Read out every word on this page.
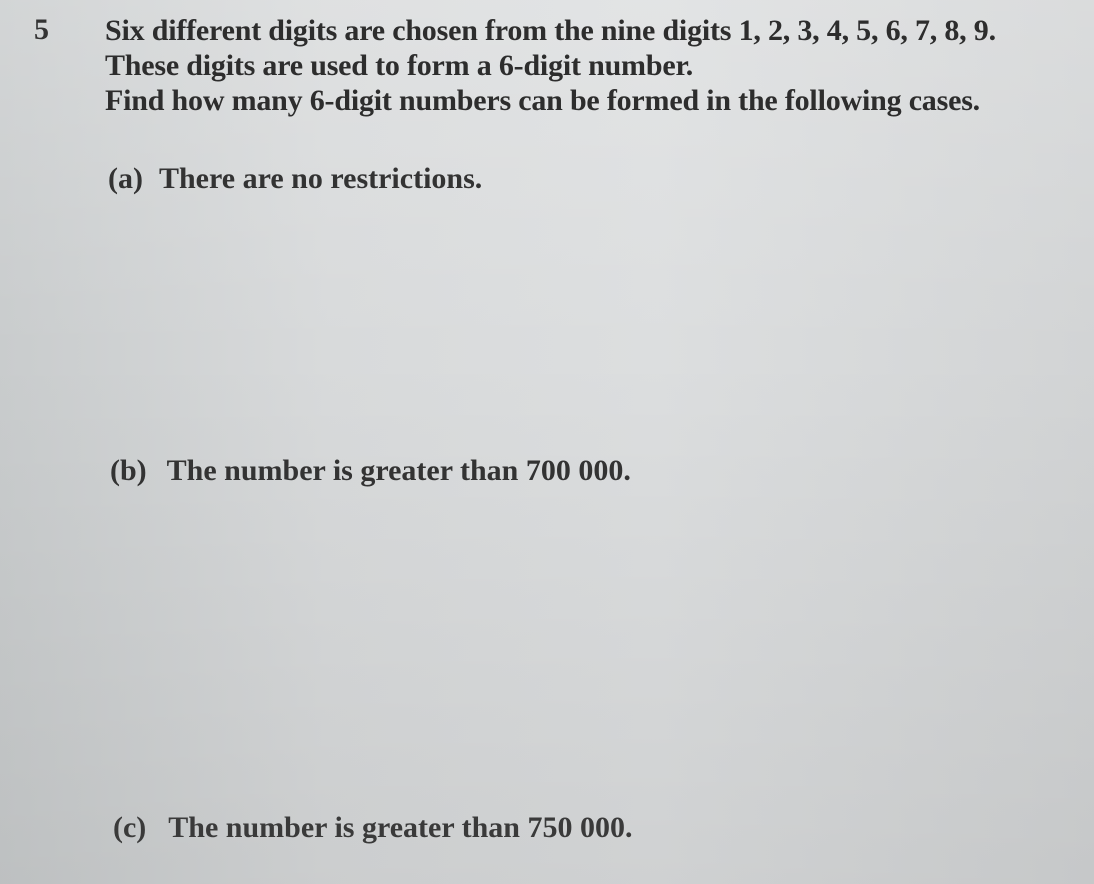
5 Six different digits are chosen from the nine digits 1, 2, 3, 4, 5, 6, 7, 8, 9.
These digits are used to form a 6-digit number.
Find how many 6-digit numbers can be formed in the following cases.
(a) There are no restrictions.
(b) The number is greater than 700 000.
(c) The number is greater than 750 000.
